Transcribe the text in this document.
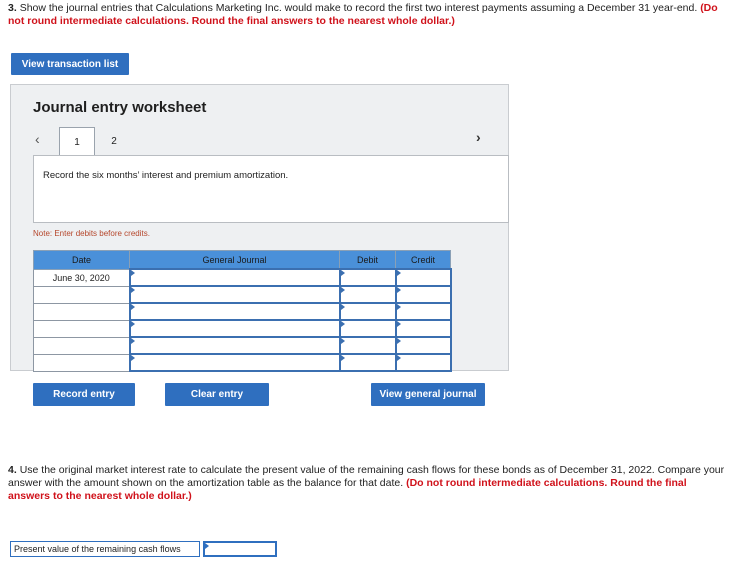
3. Show the journal entries that Calculations Marketing Inc. would make to record the first two interest payments assuming a December 31 year-end. (Do not round intermediate calculations. Round the final answers to the nearest whole dollar.)
View transaction list
Journal entry worksheet
‹	1	2	›
Record the six months’ interest and premium amortization.
Note: Enter debits before credits.
Date	General Journal	Debit	Credit
June 30, 2020			

Record entry	Clear entry	View general journal
4. Use the original market interest rate to calculate the present value of the remaining cash flows for these bonds as of December 31, 2022. Compare your answer with the amount shown on the amortization table as the balance for that date. (Do not round intermediate calculations. Round the final answers to the nearest whole dollar.)
Present value of the remaining cash flows
